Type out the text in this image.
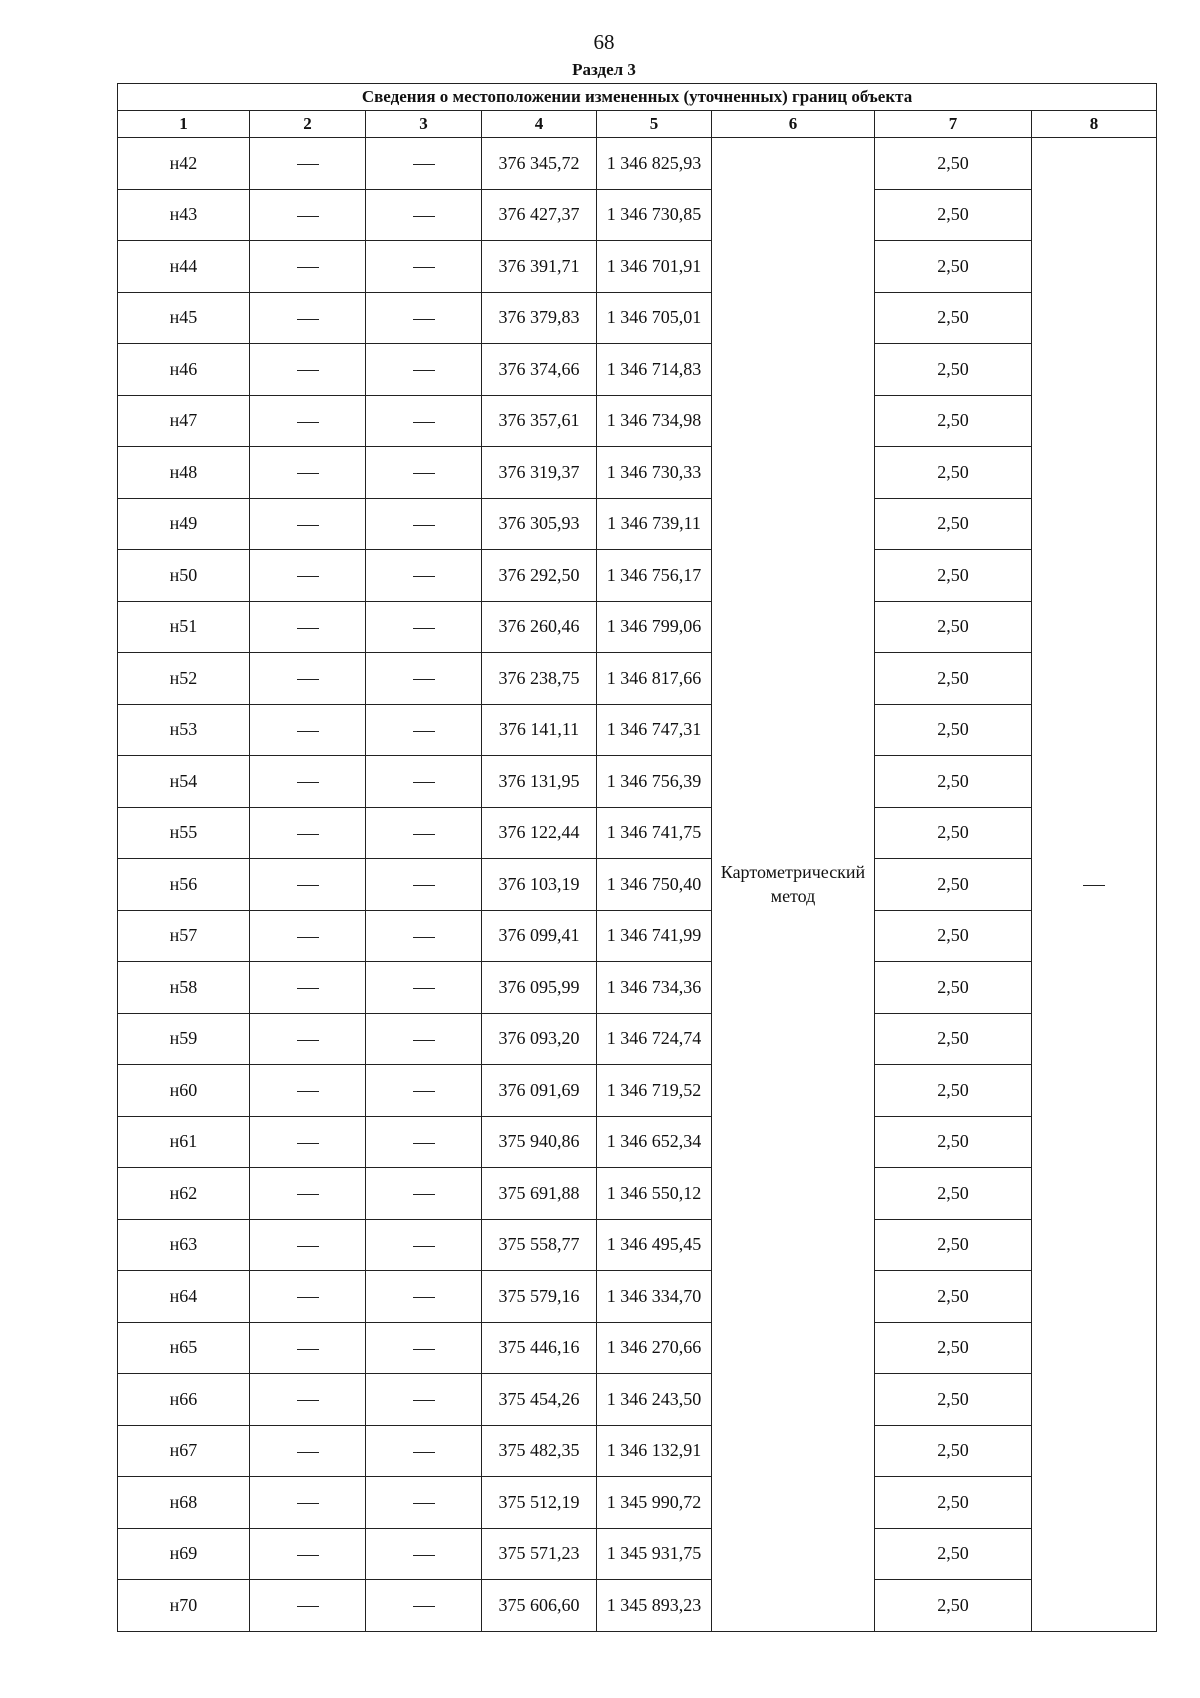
68
Раздел 3
Сведения о местоположении измененных (уточненных) границ объекта							
1	2	3	4	5	6	7	8
н42			376 345,72	1 346 825,93	Картометрический метод	2,50	
н43			376 427,37	1 346 730,85		2,50	
н44			376 391,71	1 346 701,91		2,50	
н45			376 379,83	1 346 705,01		2,50	
н46			376 374,66	1 346 714,83		2,50	
н47			376 357,61	1 346 734,98		2,50	
н48			376 319,37	1 346 730,33		2,50	
н49			376 305,93	1 346 739,11		2,50	
н50			376 292,50	1 346 756,17		2,50	
н51			376 260,46	1 346 799,06		2,50	
н52			376 238,75	1 346 817,66		2,50	
н53			376 141,11	1 346 747,31		2,50	
н54			376 131,95	1 346 756,39		2,50	
н55			376 122,44	1 346 741,75		2,50	
н56			376 103,19	1 346 750,40		2,50	
н57			376 099,41	1 346 741,99		2,50	
н58			376 095,99	1 346 734,36		2,50	
н59			376 093,20	1 346 724,74		2,50	
н60			376 091,69	1 346 719,52		2,50	
н61			375 940,86	1 346 652,34		2,50	
н62			375 691,88	1 346 550,12		2,50	
н63			375 558,77	1 346 495,45		2,50	
н64			375 579,16	1 346 334,70		2,50	
н65			375 446,16	1 346 270,66		2,50	
н66			375 454,26	1 346 243,50		2,50	
н67			375 482,35	1 346 132,91		2,50	
н68			375 512,19	1 345 990,72		2,50	
н69			375 571,23	1 345 931,75		2,50	
н70			375 606,60	1 345 893,23		2,50	
